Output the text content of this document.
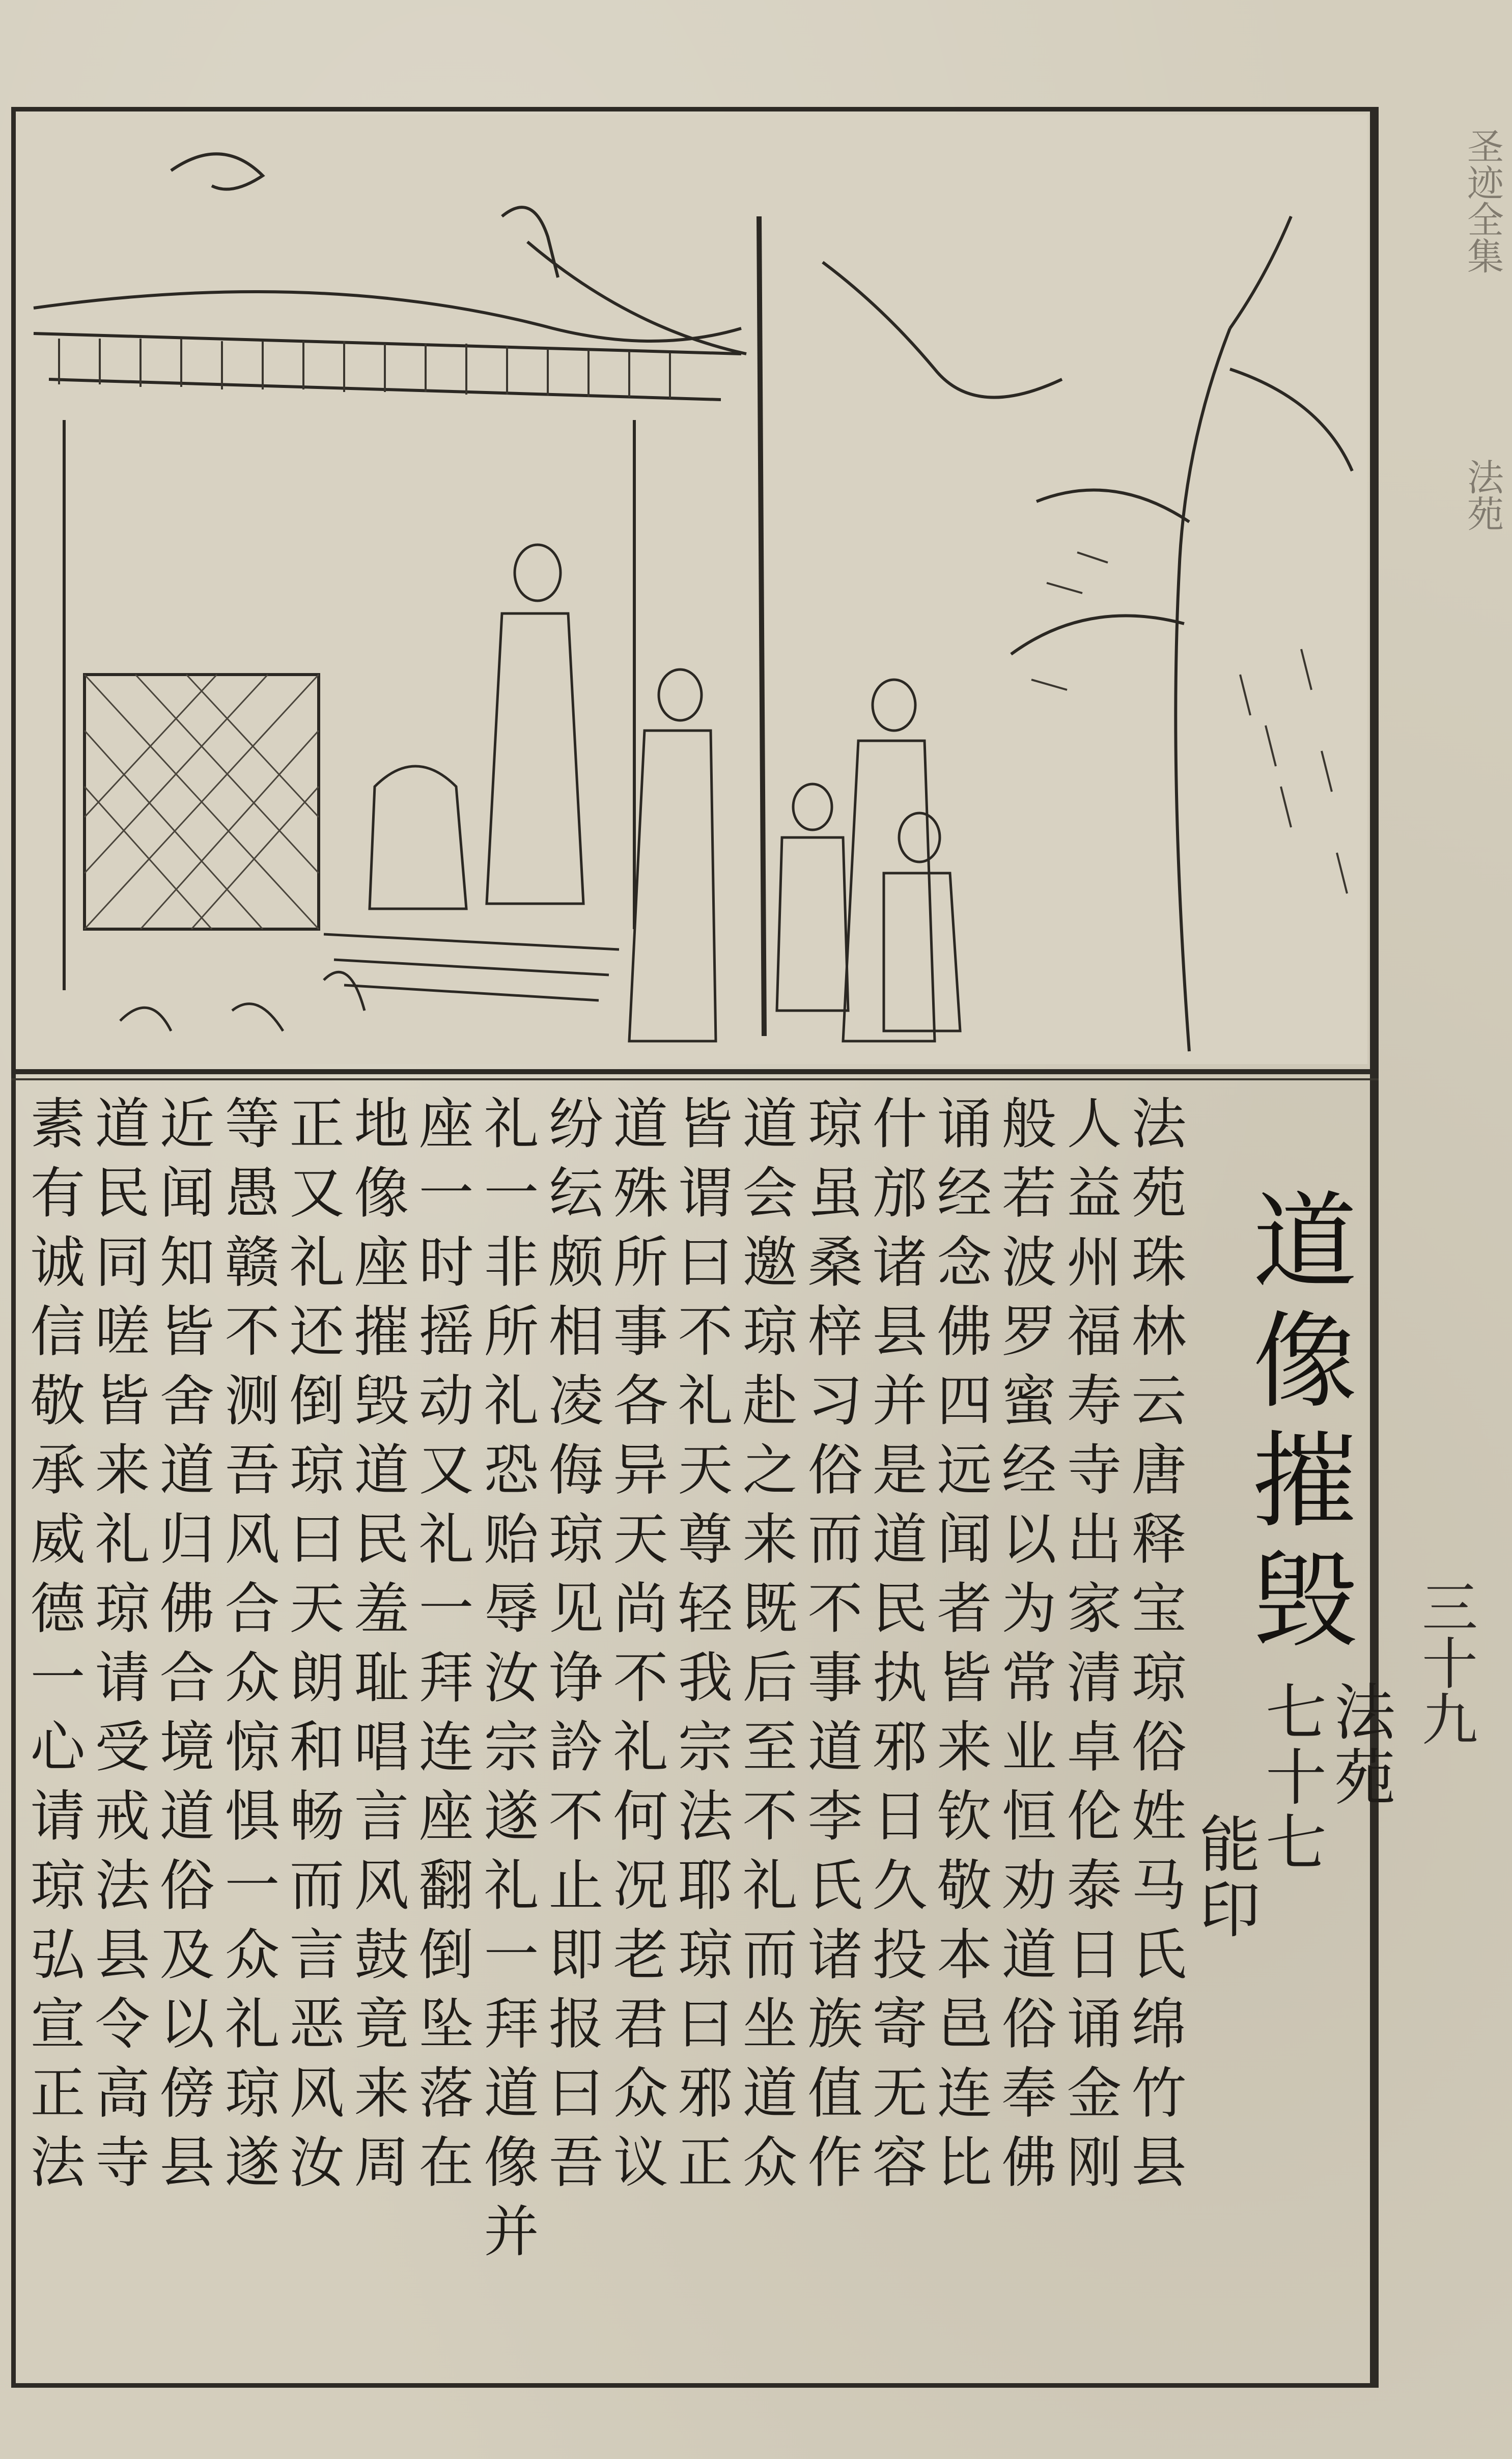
道像摧毁
七十七
法苑
能印
法苑珠林云唐释宝琼俗姓马氏绵竹县
人益州福寿寺出家清卓伦泰日诵金刚
般若波罗蜜经以为常业恒劝道俗奉佛
诵经念佛四远闻者皆来钦敬本邑连比
什邡诸县并是道民执邪日久投寄无容
琼虽桑梓习俗而不事道李氏诸族值作
道会邀琼赴之来既后至不礼而坐道众
皆谓曰不礼天尊轻我宗法耶琼曰邪正
道殊所事各异天尚不礼何况老君众议
纷纭颇相凌侮琼见诤訡不止即报曰吾
礼一非所礼恐贻辱汝宗遂礼一拜道像并
座一时摇动又礼一拜连座翻倒坠落在
地像座摧毁道民羞耻唱言风鼓竟来周
正又礼还倒琼曰天朗和畅而言恶风汝
等愚赣不测吾风合众惊惧一众礼琼遂
近闻知皆舍道归佛合境道俗及以傍县
道民同嗟皆来礼琼请受戒法县令高寺	三十九
圣迹全集
法苑
素有诚信敬承威德一心请琼弘宣正法
